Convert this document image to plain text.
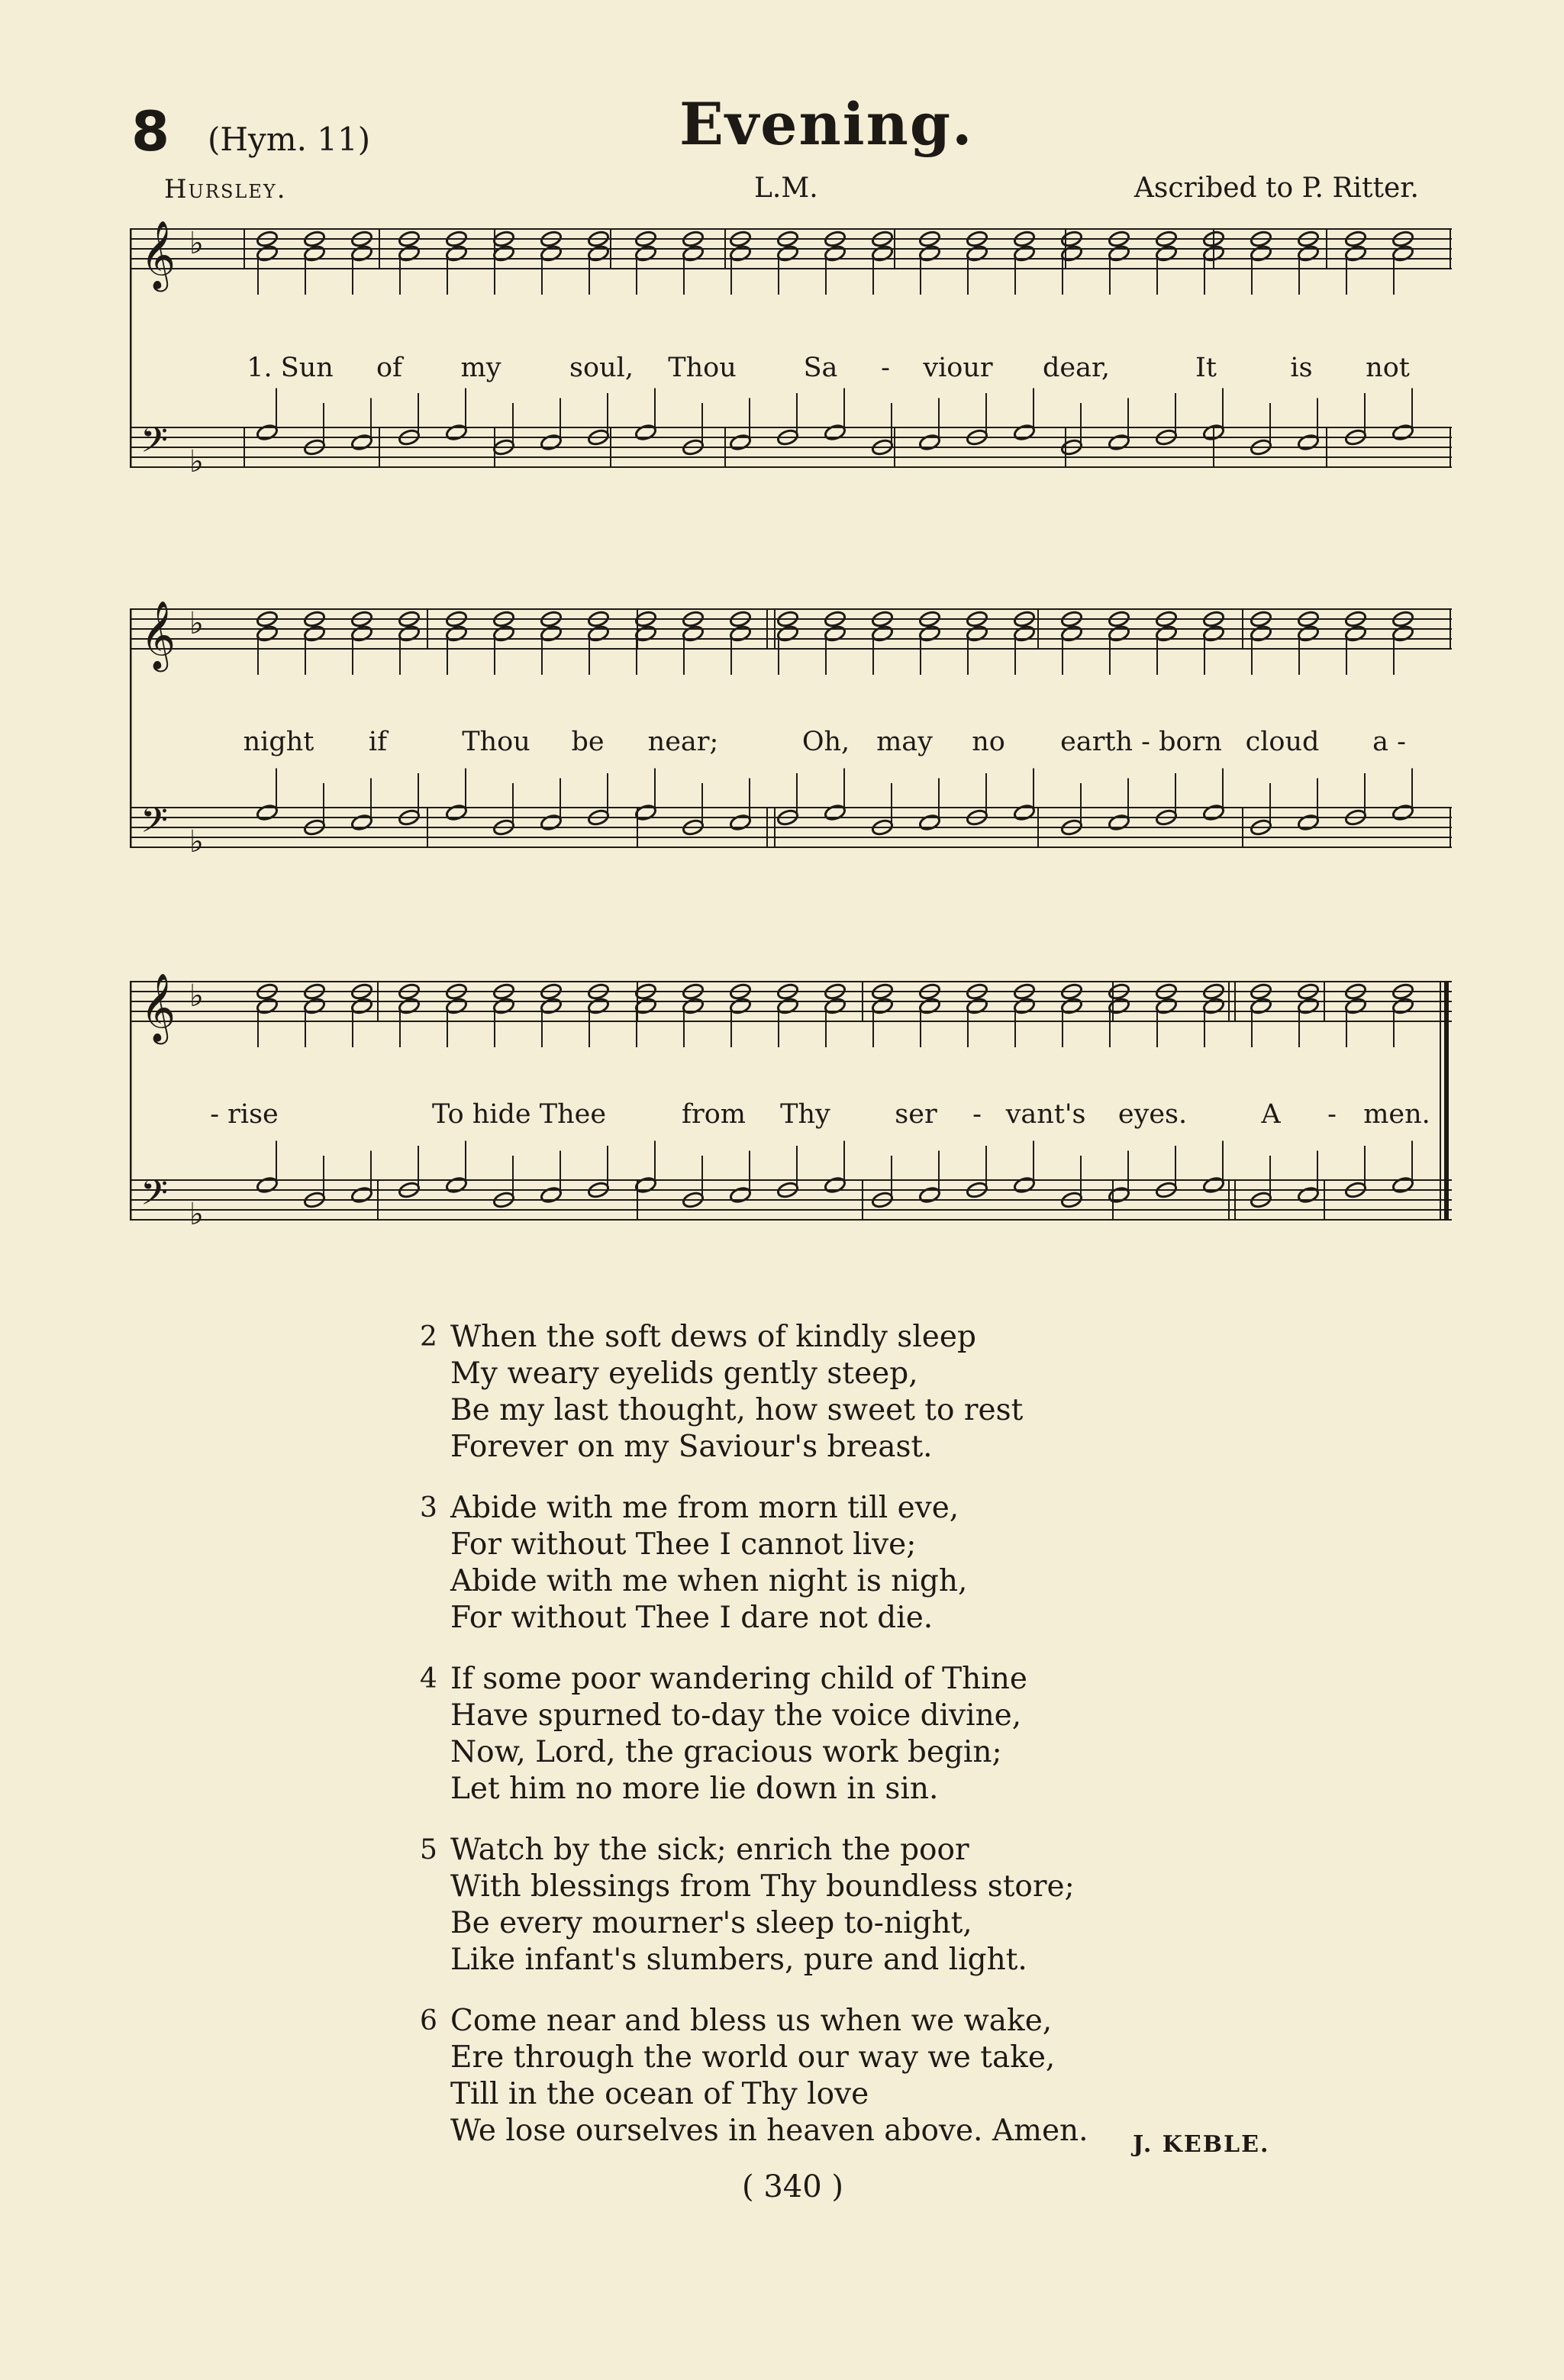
8 (Hym. 11)	Evening.
Hursley.	L.M.	Ascribed to P. Ritter.
𝄞
𝄢
♭
♭
1. Sun of my	soul, Thou	Sa - viour dear,	It	is not
𝄞
𝄢
♭
♭
night if	Thou be near;	Oh, may no earth - born cloud a -
𝄞
𝄢
♭
♭
- rise	To hide Thee	from Thy ser - vant's eyes.	A - men.
2 When the soft dews of kindly sleep
My weary eyelids gently steep,
Be my last thought, how sweet to rest
Forever on my Saviour's breast.
3 Abide with me from morn till eve,
For without Thee I cannot live;
Abide with me when night is nigh,
For without Thee I dare not die.
4 If some poor wandering child of Thine
Have spurned to-day the voice divine,
Now, Lord, the gracious work begin;
Let him no more lie down in sin.
5 Watch by the sick; enrich the poor
With blessings from Thy boundless store;
Be every mourner's sleep to-night,
Like infant's slumbers, pure and light.
6 Come near and bless us when we wake,
Ere through the world our way we take,
Till in the ocean of Thy love
We lose ourselves in heaven above. Amen. J. KEBLE.
( 340 )
